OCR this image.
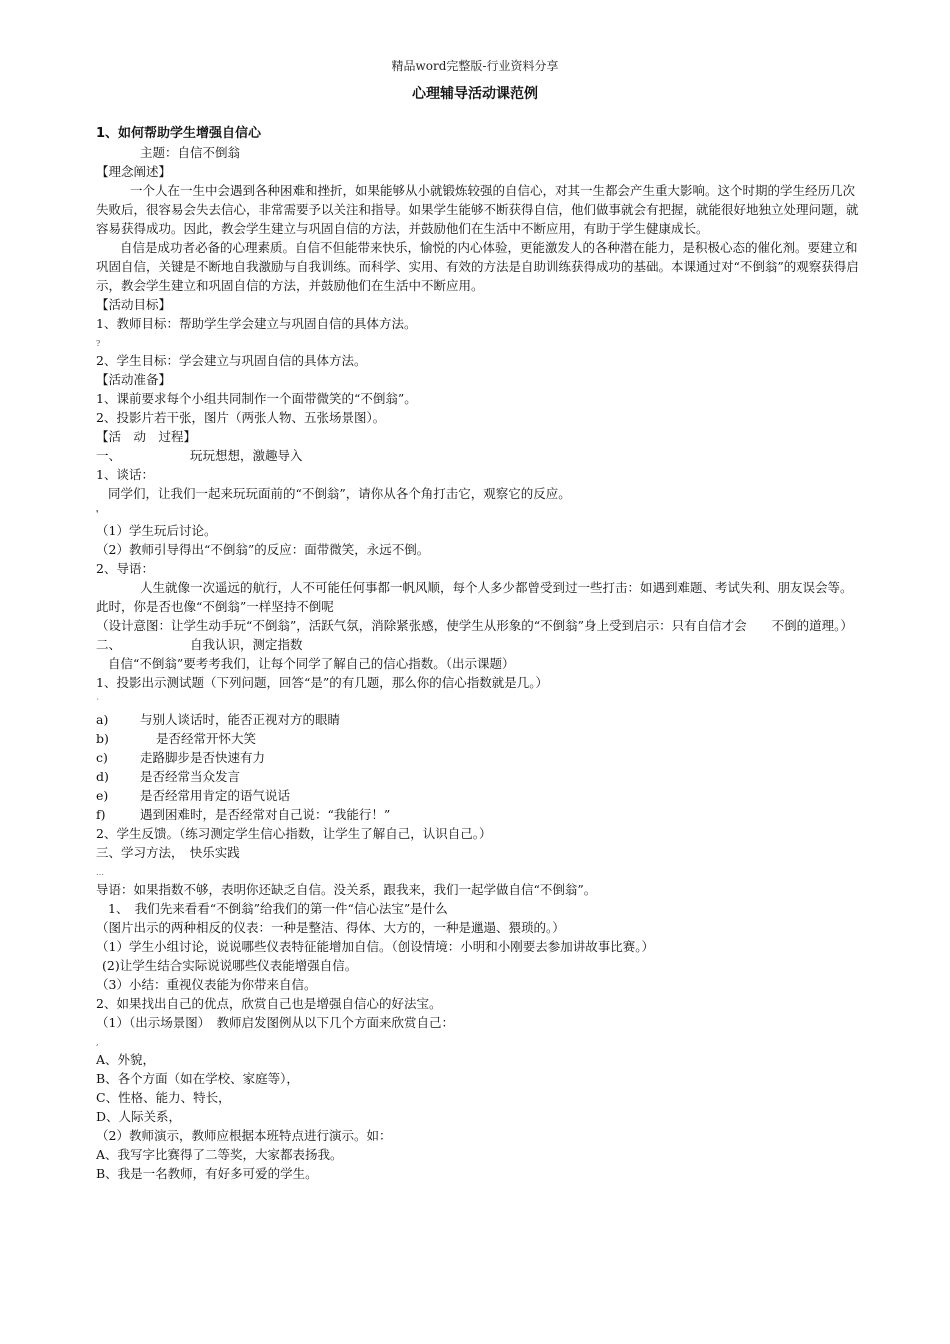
精品word完整版-行业资料分享
心理辅导活动课范例

1、如何帮助学生增强自信心

主题：自信不倒翁

【理念阐述】

一个人在一生中会遇到各种困难和挫折，如果能够从小就锻炼较强的自信心，对其一生都会产生重大影响。这个时期的学生经历几次失败后，很容易会失去信心，非常需要予以关注和指导。如果学生能够不断获得自信，他们做事就会有把握，就能很好地独立处理问题，就容易获得成功。因此，教会学生建立与巩固自信的方法，并鼓励他们在生活中不断应用，有助于学生健康成长。

自信是成功者必备的心理素质。自信不但能带来快乐，愉悦的内心体验，更能激发人的各种潜在能力，是积极心态的催化剂。要建立和巩固自信，关键是不断地自我激励与自我训练。而科学、实用、有效的方法是自助训练获得成功的基础。本课通过对“不倒翁”的观察获得启示，教会学生建立和巩固自信的方法，并鼓励他们在生活中不断应用。

【活动目标】

1、教师目标：帮助学生学会建立与巩固自信的具体方法。

?

2、学生目标：学会建立与巩固自信的具体方法。

【活动准备】

1、课前要求每个小组共同制作一个面带微笑的“不倒翁”。

2、投影片若干张，图片（两张人物、五张场景图）。

【活　动　过程】

一、	玩玩想想，激趣导入

1、谈话：

同学们，让我们一起来玩玩面前的“不倒翁”，请你从各个角打击它，观察它的反应。

❜

（1）学生玩后讨论。

（2）教师引导得出“不倒翁”的反应：面带微笑，永远不倒。

2、导语：

人生就像一次遥远的航行，人不可能任何事都一帆风顺，每个人多少都曾受到过一些打击：如遇到难题、考试失利、朋友误会等。此时，你是否也像“不倒翁”一样坚持不倒呢

（设计意图：让学生动手玩“不倒翁”，活跃气氛，消除紧张感，使学生从形象的“不倒翁”身上受到启示：只有自信才会　　不倒的道理。）

二、	自我认识，测定指数

自信“不倒翁”要考考我们，让每个同学了解自己的信心指数。（出示课题）

1、投影出示测试题（下列问题，回答“是”的有几题，那么你的信心指数就是几。）

`

a)	与别人谈话时，能否正视对方的眼睛
b)	是否经常开怀大笑
c)	走路脚步是否快速有力
d)	是否经常当众发言
e)	是否经常用肯定的语气说话
f)	遇到困难时，是否经常对自己说：“我能行！”

2、学生反馈。（练习测定学生信心指数，让学生了解自己，认识自己。）

三、学习方法，　快乐实践

…

导语：如果指数不够，表明你还缺乏自信。没关系，跟我来，我们一起学做自信“不倒翁”。

1、　我们先来看看“不倒翁”给我们的第一件“信心法宝”是什么

（图片出示的两种相反的仪表：一种是整洁、得体、大方的，一种是邋遢、猥琐的。）

（1）学生小组讨论，说说哪些仪表特征能增加自信。（创设情境：小明和小刚要去参加讲故事比赛。）

(2)让学生结合实际说说哪些仪表能增强自信。

（3）小结：重视仪表能为你带来自信。

2、如果找出自己的优点，欣赏自己也是增强自信心的好法宝。

（1）（出示场景图）　教师启发图例从以下几个方面来欣赏自己：

,

A、外貌，

B、各个方面（如在学校、家庭等），

C、性格、能力、特长，

D、人际关系，

（2）教师演示，教师应根据本班特点进行演示。如：

A、我写字比赛得了二等奖，大家都表扬我。

B、我是一名教师，有好多可爱的学生。
